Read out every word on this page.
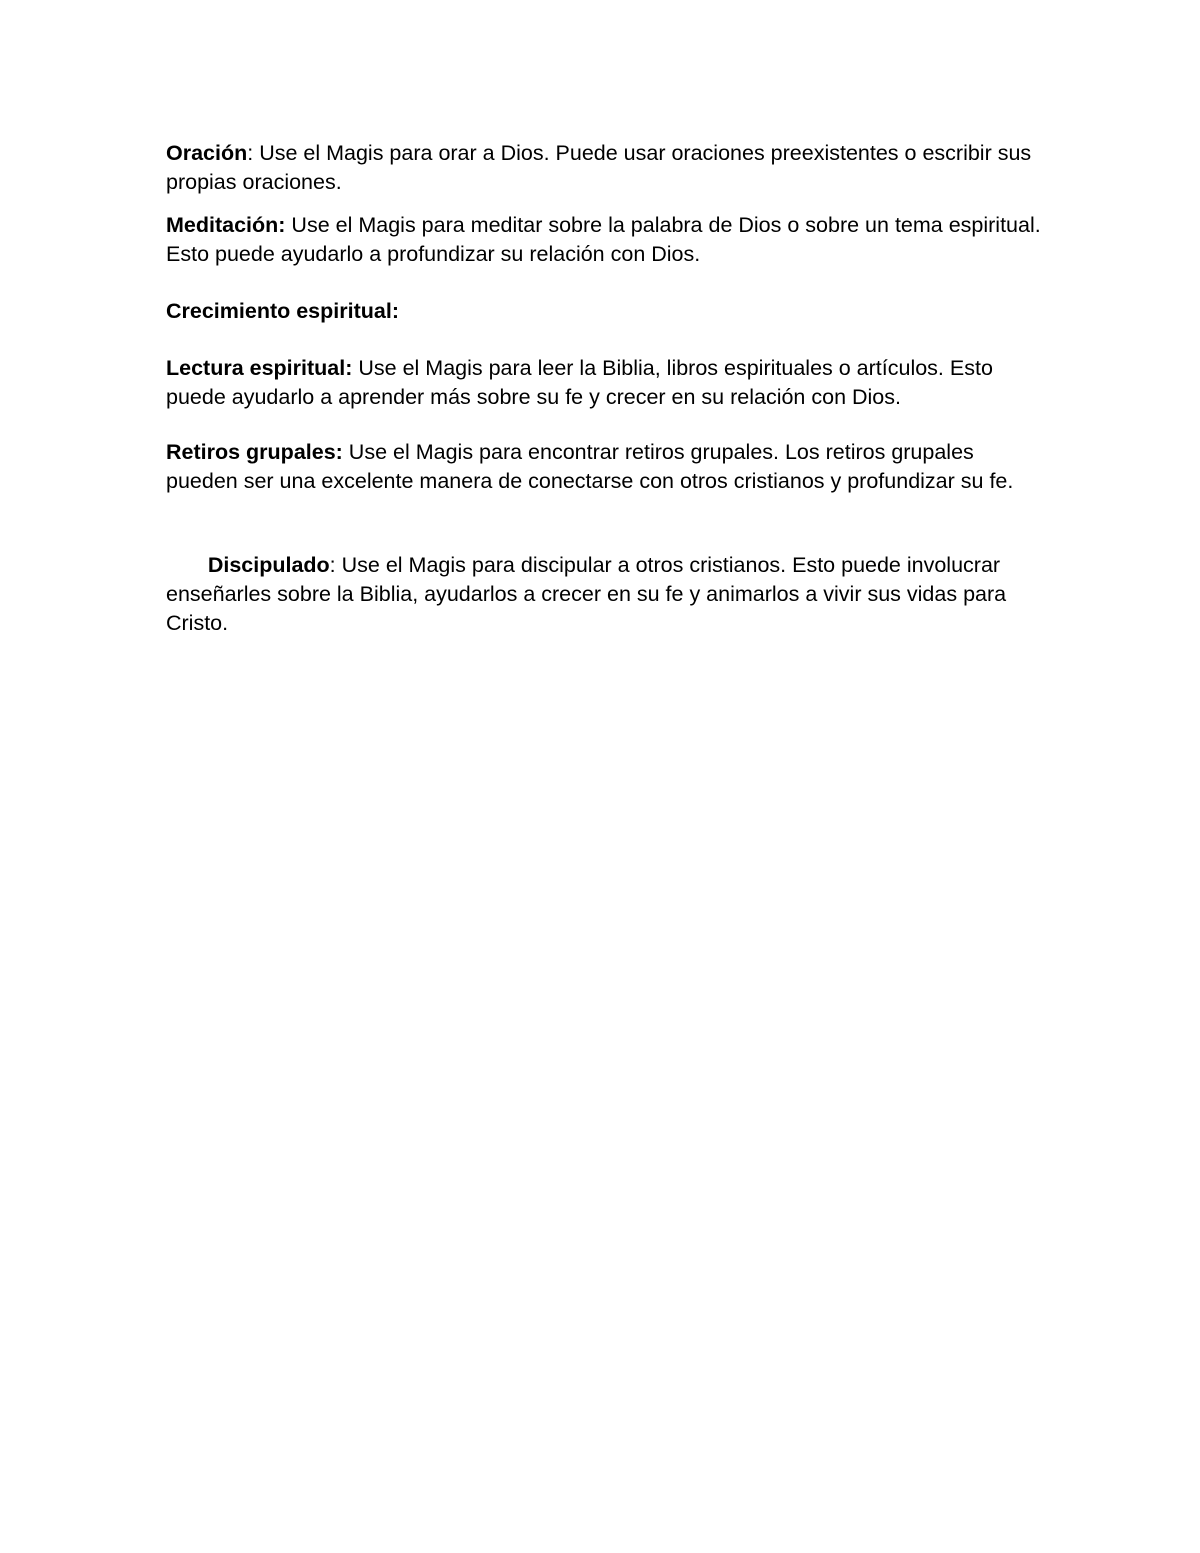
Oración: Use el Magis para orar a Dios. Puede usar oraciones preexistentes o escribir sus propias oraciones.

Meditación: Use el Magis para meditar sobre la palabra de Dios o sobre un tema espiritual. Esto puede ayudarlo a profundizar su relación con Dios.

Crecimiento espiritual:

Lectura espiritual: Use el Magis para leer la Biblia, libros espirituales o artículos. Esto puede ayudarlo a aprender más sobre su fe y crecer en su relación con Dios.

Retiros grupales: Use el Magis para encontrar retiros grupales. Los retiros grupales pueden ser una excelente manera de conectarse con otros cristianos y profundizar su fe.

Discipulado: Use el Magis para discipular a otros cristianos. Esto puede involucrar enseñarles sobre la Biblia, ayudarlos a crecer en su fe y animarlos a vivir sus vidas para Cristo.
